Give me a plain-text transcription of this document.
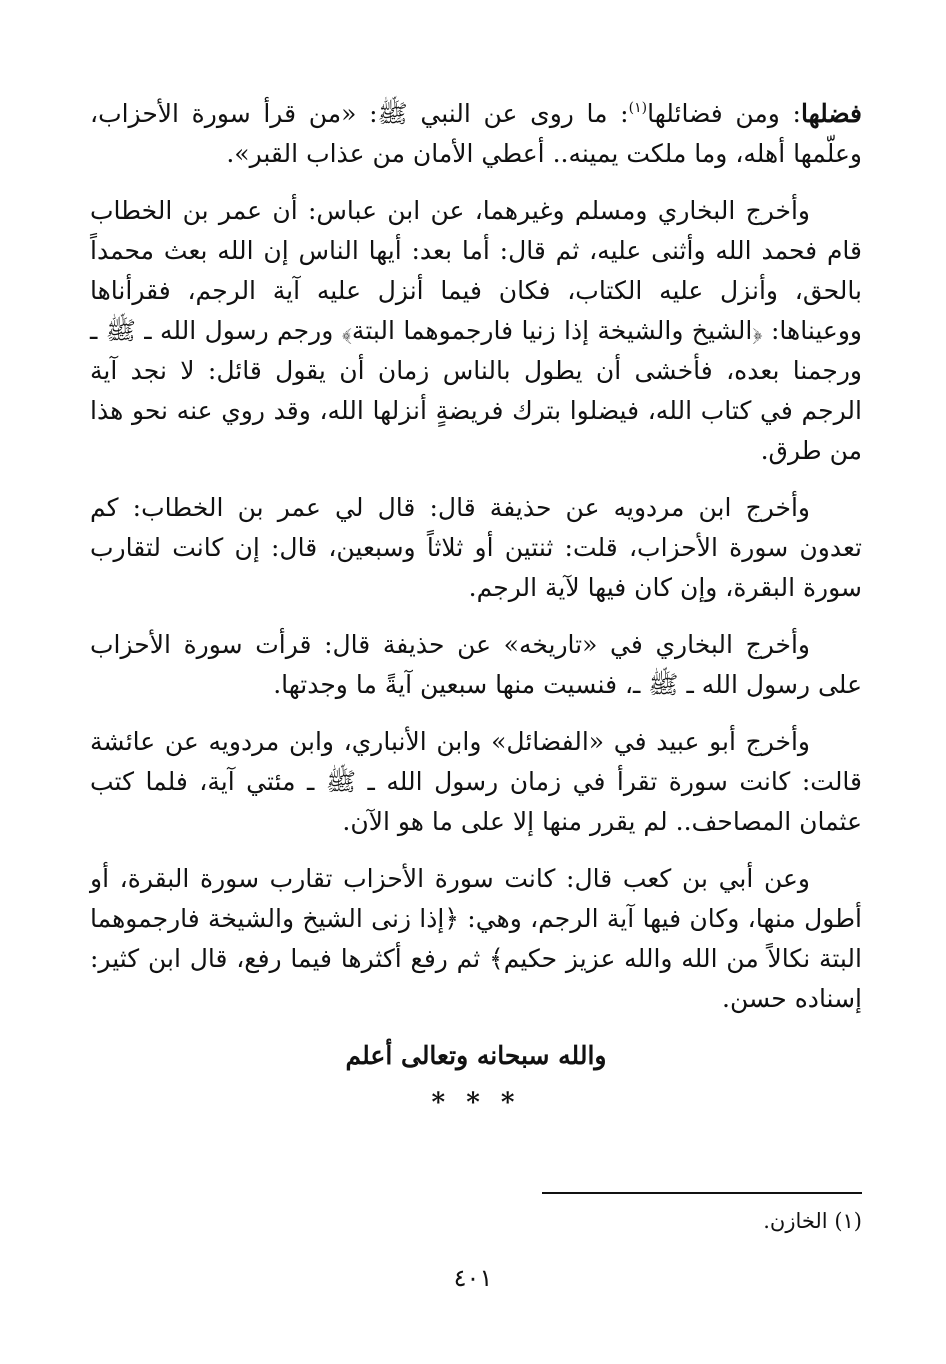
فضلها: ومن فضائلها$^{(١)}$: ما روى عن النبي ﷺ: «من قرأ سورة الأحزاب، وعلّمها أهله، وما ملكت يمينه.. أعطي الأمان من عذاب القبر».

وأخرج البخاري ومسلم وغيرهما، عن ابن عباس: أن عمر بن الخطاب قام فحمد الله وأثنى عليه، ثم قال: أما بعد: أيها الناس إن الله بعث محمداً بالحق، وأنزل عليه الكتاب، فكان فيما أنزل عليه آية الرجم، فقرأناها ووعيناها: ﴿الشيخ والشيخة إذا زنيا فارجموهما البتة﴾ ورجم رسول الله ـ ﷺ ـ ورجمنا بعده، فأخشى أن يطول بالناس زمان أن يقول قائل: لا نجد آية الرجم في كتاب الله، فيضلوا بترك فريضةٍ أنزلها الله، وقد روي عنه نحو هذا من طرق.

وأخرج ابن مردويه عن حذيفة قال: قال لي عمر بن الخطاب: كم تعدون سورة الأحزاب، قلت: ثنتين أو ثلاثاً وسبعين، قال: إن كانت لتقارب سورة البقرة، وإن كان فيها لآية الرجم.

وأخرج البخاري في «تاريخه» عن حذيفة قال: قرأت سورة الأحزاب على رسول الله ـ ﷺ ـ، فنسيت منها سبعين آيةً ما وجدتها.

وأخرج أبو عبيد في «الفضائل» وابن الأنباري، وابن مردويه عن عائشة قالت: كانت سورة تقرأ في زمان رسول الله ـ ﷺ ـ مئتي آية، فلما كتب عثمان المصاحف.. لم يقرر منها إلا على ما هو الآن.

وعن أبي بن كعب قال: كانت سورة الأحزاب تقارب سورة البقرة، أو أطول منها، وكان فيها آية الرجم، وهي: ﴿إذا زنى الشيخ والشيخة فارجموهما البتة نكالاً من الله والله عزيز حكيم﴾ ثم رفع أكثرها فيما رفع، قال ابن كثير: إسناده حسن.

والله سبحانه وتعالى أعلم
* * *
(١) الخازن.
٤٠١
